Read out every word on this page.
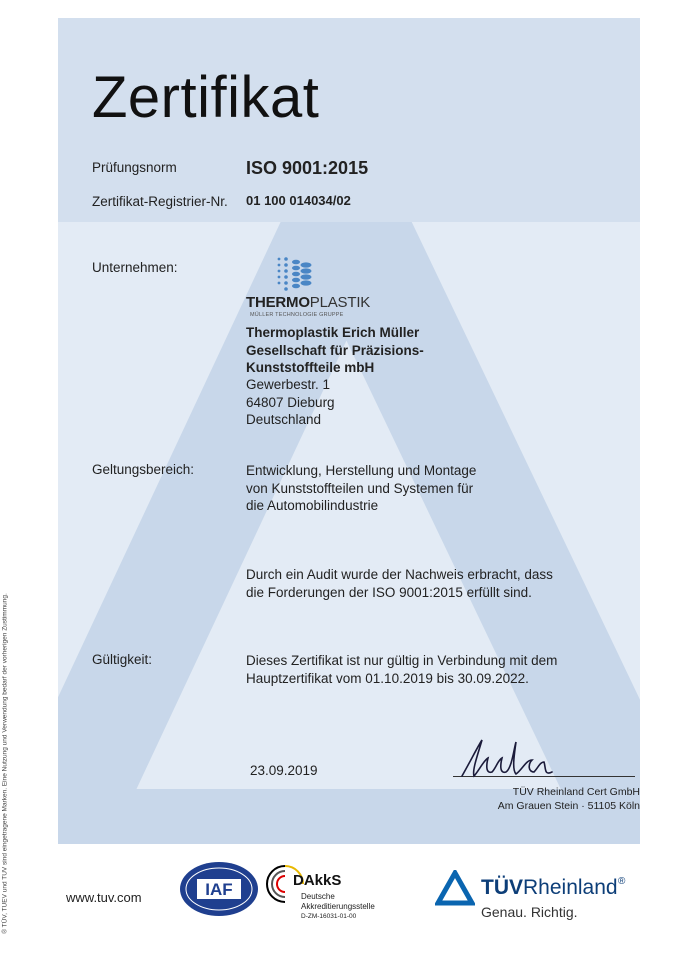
Zertifikat
Prüfungsnorm	ISO 9001:2015
Zertifikat-Registrier-Nr. 01 100 014034/02
Unternehmen:
THERMOPLASTIK
MÜLLER TECHNOLOGIE GRUPPE
Thermoplastik Erich Müller
Gesellschaft für Präzisions-
Kunststoffteile mbH
Gewerbestr. 1
64807 Dieburg
Deutschland
Geltungsbereich:	Entwicklung, Herstellung und Montage
von Kunststoffteilen und Systemen für
die Automobilindustrie
Durch ein Audit wurde der Nachweis erbracht, dass
die Forderungen der ISO 9001:2015 erfüllt sind.
Gültigkeit:	Dieses Zertifikat ist nur gültig in Verbindung mit dem
Hauptzertifikat vom 01.10.2019 bis 30.09.2022.
23.09.2019
TÜV Rheinland Cert GmbH
Am Grauen Stein · 51105 Köln
www.tuv.com	IAF	DAkkS
Deutsche
Akkreditierungsstelle
D-ZM-16031-01-00
TÜVRheinland ®
Genau. Richtig.
® TÜV, TUEV und TUV sind eingetragene Marken. Eine Nutzung und Verwendung bedarf der vorherigen Zustimmung.
